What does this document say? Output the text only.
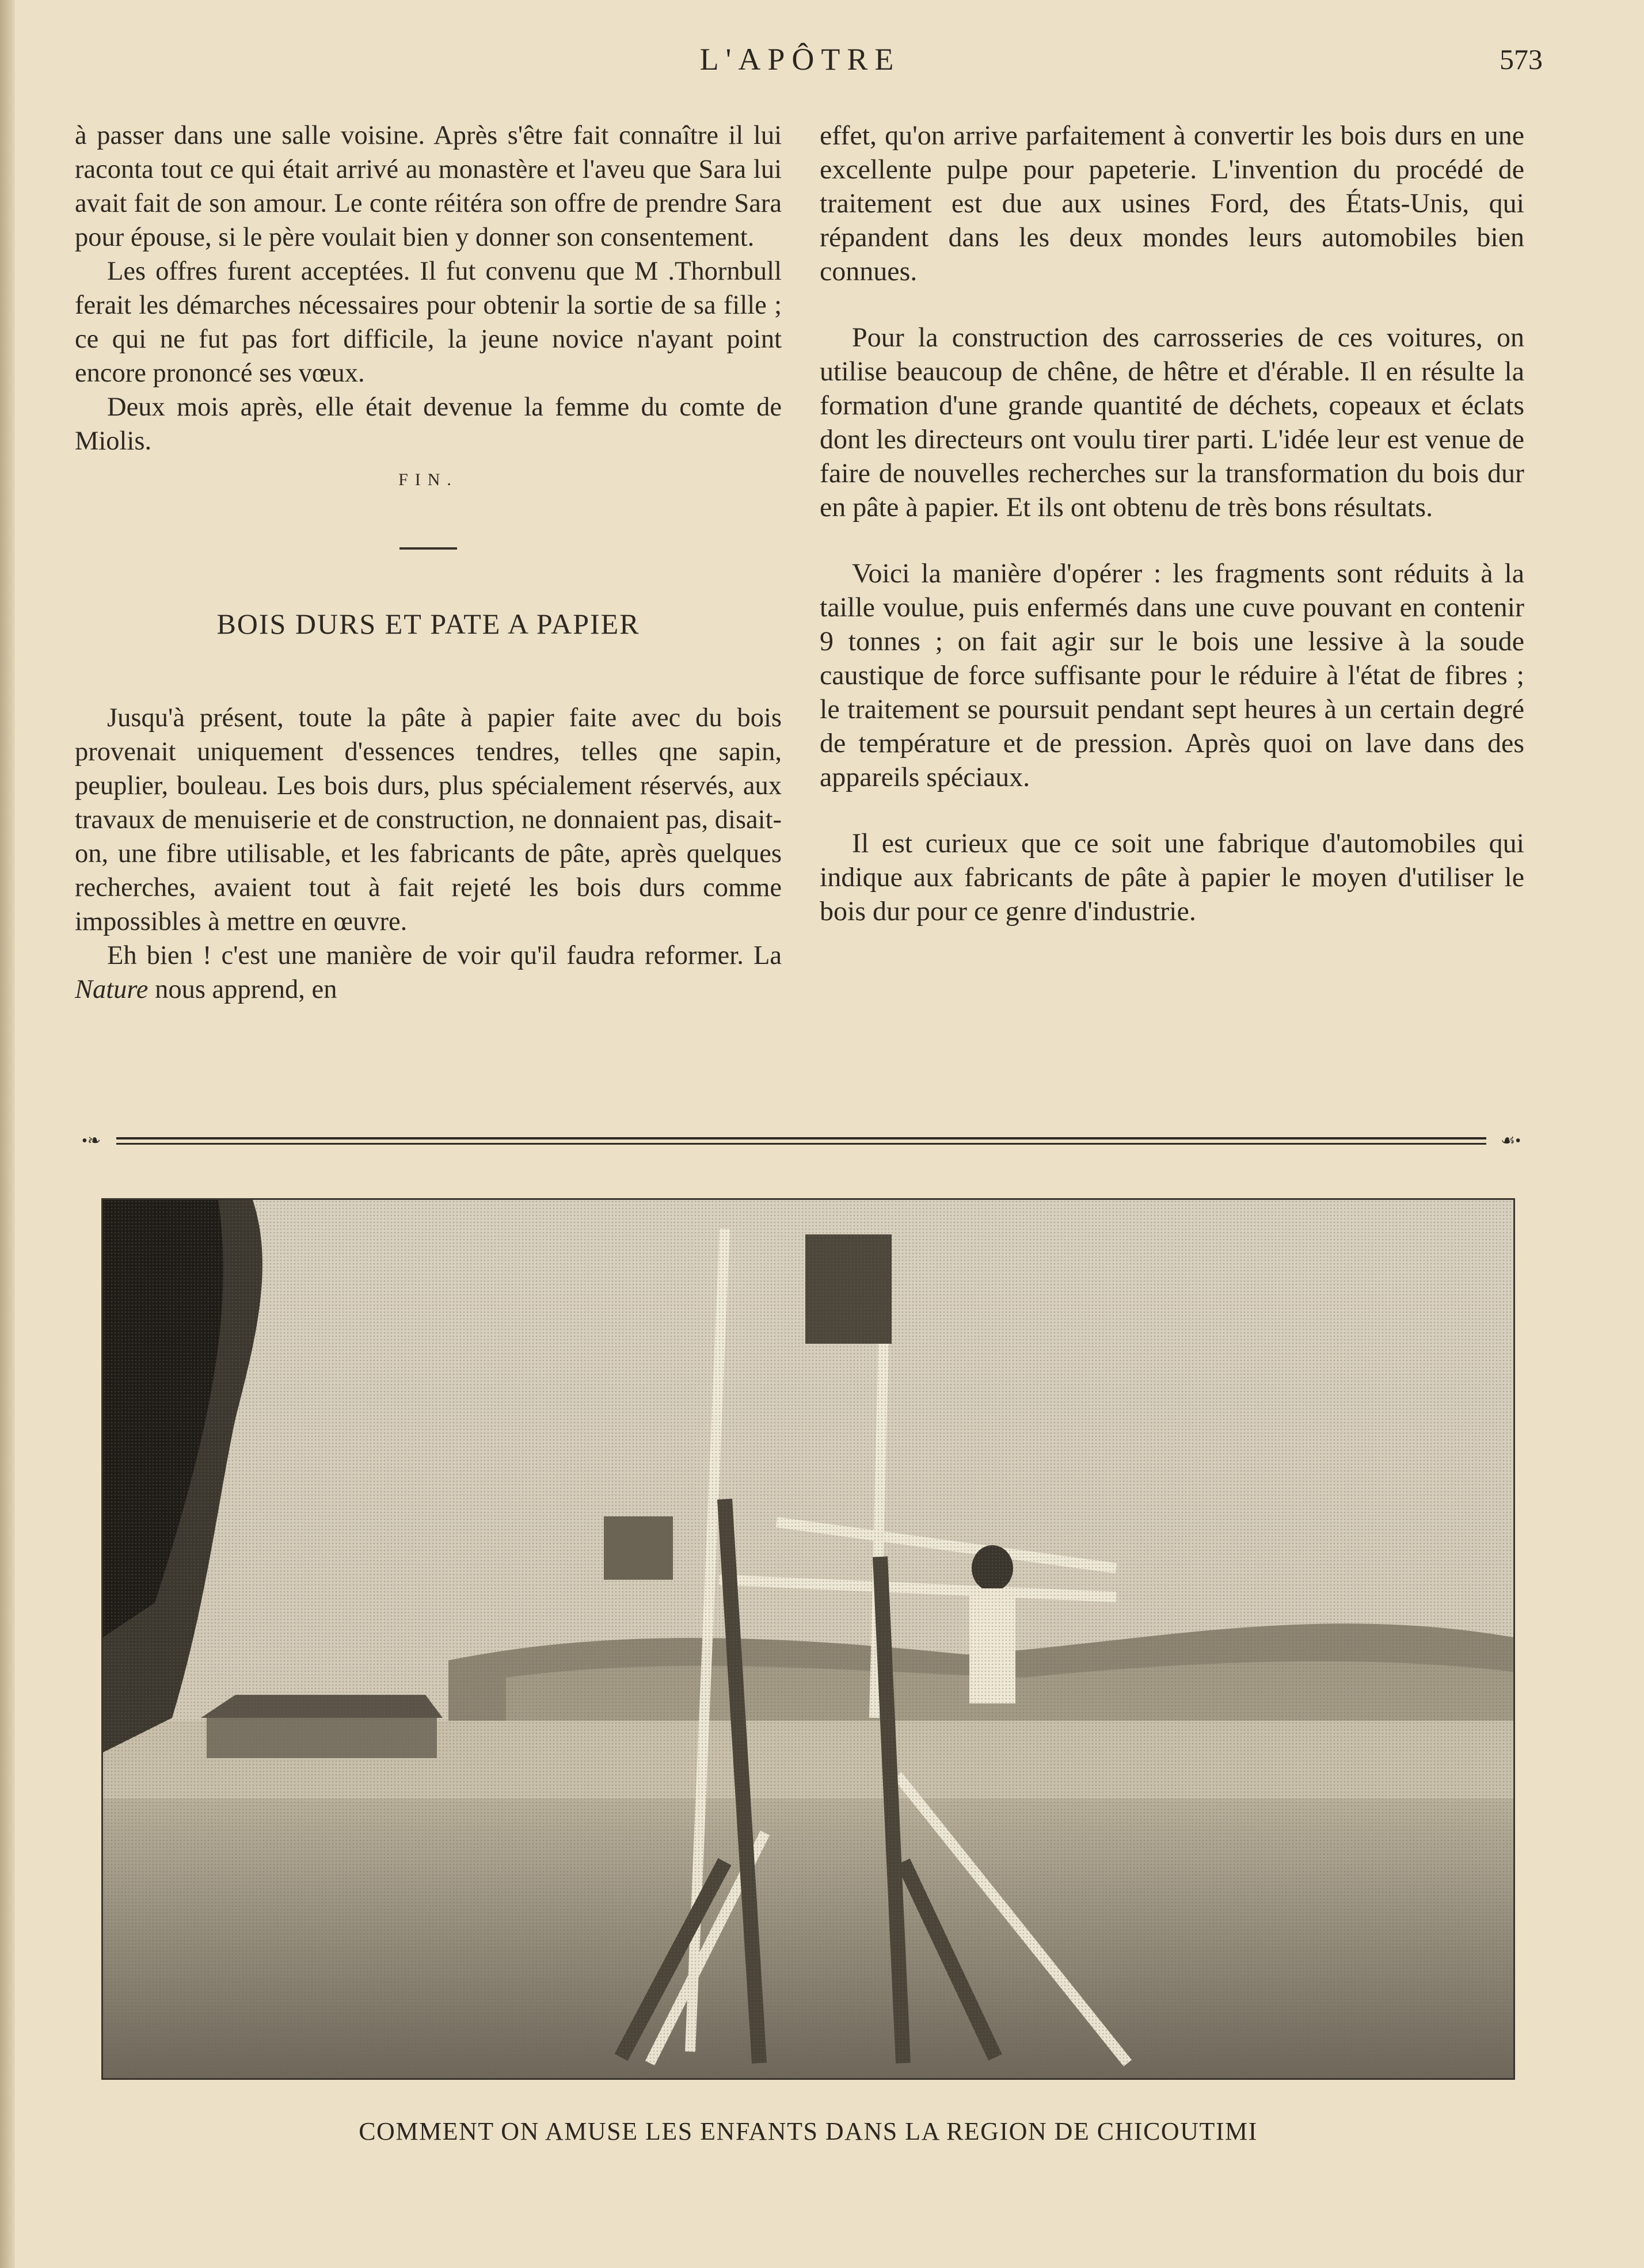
L'APÔTRE	573

à passer dans une salle voisine. Après s'être fait connaître il lui raconta tout ce qui était arrivé au monastère et l'aveu que Sara lui avait fait de son amour. Le conte réitéra son offre de prendre Sara pour épouse, si le père voulait bien y donner son consentement.

Les offres furent acceptées. Il fut convenu que M .Thornbull ferait les démarches nécessaires pour obtenir la sortie de sa fille ; ce qui ne fut pas fort difficile, la jeune novice n'ayant point encore prononcé ses vœux.

Deux mois après, elle était devenue la femme du comte de Miolis.

FIN.
BOIS DURS ET PATE A PAPIER

Jusqu'à présent, toute la pâte à papier faite avec du bois provenait uniquement d'essences tendres, telles qne sapin, peuplier, bouleau. Les bois durs, plus spécialement réservés, aux travaux de menuiserie et de construction, ne donnaient pas, disait-on, une fibre utilisable, et les fabricants de pâte, après quelques recherches, avaient tout à fait rejeté les bois durs comme impossibles à mettre en œuvre.

Eh bien ! c'est une manière de voir qu'il faudra reformer. La Nature nous apprend, en

effet, qu'on arrive parfaitement à convertir les bois durs en une excellente pulpe pour papeterie. L'invention du procédé de traitement est due aux usines Ford, des États-Unis, qui répandent dans les deux mondes leurs automobiles bien connues.

Pour la construction des carrosseries de ces voitures, on utilise beaucoup de chêne, de hêtre et d'érable. Il en résulte la formation d'une grande quantité de déchets, copeaux et éclats dont les directeurs ont voulu tirer parti. L'idée leur est venue de faire de nouvelles recherches sur la transformation du bois dur en pâte à papier. Et ils ont obtenu de très bons résultats.

Voici la manière d'opérer : les fragments sont réduits à la taille voulue, puis enfermés dans une cuve pouvant en contenir 9 tonnes ; on fait agir sur le bois une lessive à la soude caustique de force suffisante pour le réduire à l'état de fibres ; le traitement se poursuit pendant sept heures à un certain degré de température et de pression. Après quoi on lave dans des appareils spéciaux.

Il est curieux que ce soit une fabrique d'automobiles qui indique aux fabricants de pâte à papier le moyen d'utiliser le bois dur pour ce genre d'industrie.

•❧	☙•
COMMENT ON AMUSE LES ENFANTS DANS LA REGION DE CHICOUTIMI
